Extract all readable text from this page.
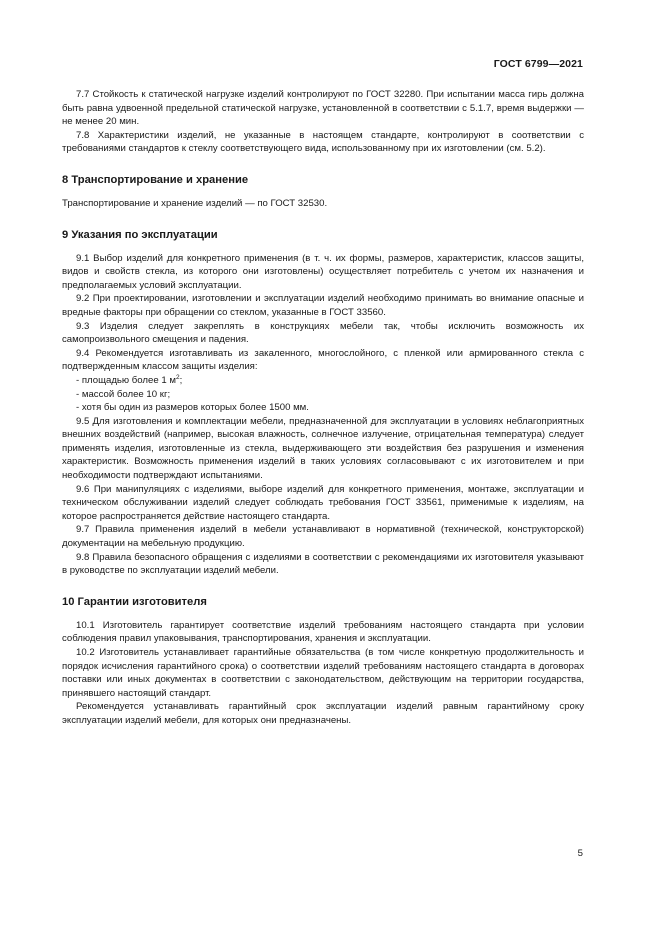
ГОСТ 6799—2021

7.7 Стойкость к статической нагрузке изделий контролируют по ГОСТ 32280. При испытании масса гирь должна быть равна удвоенной предельной статической нагрузке, установленной в соответствии с 5.1.7, время выдержки — не менее 20 мин.

7.8 Характеристики изделий, не указанные в настоящем стандарте, контролируют в соответствии с требованиями стандартов к стеклу соответствующего вида, использованному при их изготовлении (см. 5.2).

8 Транспортирование и хранение

Транспортирование и хранение изделий — по ГОСТ 32530.

9 Указания по эксплуатации

9.1 Выбор изделий для конкретного применения (в т. ч. их формы, размеров, характеристик, классов защиты, видов и свойств стекла, из которого они изготовлены) осуществляет потребитель с учетом их назначения и предполагаемых условий эксплуатации.

9.2 При проектировании, изготовлении и эксплуатации изделий необходимо принимать во внимание опасные и вредные факторы при обращении со стеклом, указанные в ГОСТ 33560.

9.3 Изделия следует закреплять в конструкциях мебели так, чтобы исключить возможность их самопроизвольного смещения и падения.

9.4 Рекомендуется изготавливать из закаленного, многослойного, с пленкой или армированного стекла с подтвержденным классом защиты изделия:

- площадью более 1 $м^2$;

- массой более 10 кг;

- хотя бы один из размеров которых более 1500 мм.

9.5 Для изготовления и комплектации мебели, предназначенной для эксплуатации в условиях неблагоприятных внешних воздействий (например, высокая влажность, солнечное излучение, отрицательная температура) следует применять изделия, изготовленные из стекла, выдерживающего эти воздействия без разрушения и изменения характеристик. Возможность применения изделий в таких условиях согласовывают с их изготовителем и при необходимости подтверждают испытаниями.

9.6 При манипуляциях с изделиями, выборе изделий для конкретного применения, монтаже, эксплуатации и техническом обслуживании изделий следует соблюдать требования ГОСТ 33561, применимые к изделиям, на которое распространяется действие настоящего стандарта.

9.7 Правила применения изделий в мебели устанавливают в нормативной (технической, конструкторской) документации на мебельную продукцию.

9.8 Правила безопасного обращения с изделиями в соответствии с рекомендациями их изготовителя указывают в руководстве по эксплуатации изделий мебели.

10 Гарантии изготовителя

10.1 Изготовитель гарантирует соответствие изделий требованиям настоящего стандарта при условии соблюдения правил упаковывания, транспортирования, хранения и эксплуатации.

10.2 Изготовитель устанавливает гарантийные обязательства (в том числе конкретную продолжительность и порядок исчисления гарантийного срока) о соответствии изделий требованиям настоящего стандарта в договорах поставки или иных документах в соответствии с законодательством, действующим на территории государства, принявшего настоящий стандарт.

Рекомендуется устанавливать гарантийный срок эксплуатации изделий равным гарантийному сроку эксплуатации изделий мебели, для которых они предназначены.

5
